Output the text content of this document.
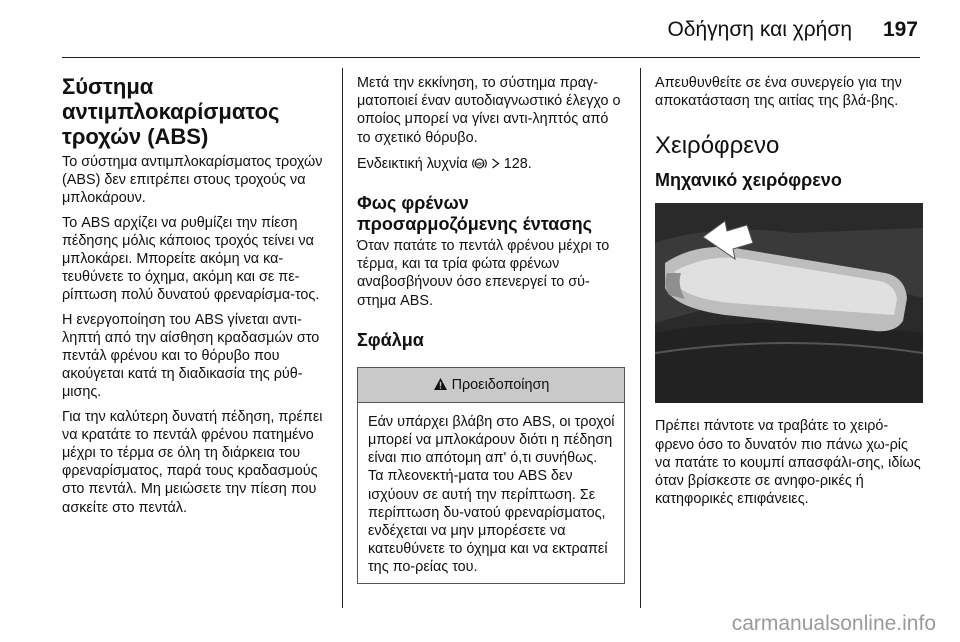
Οδήγηση και χρήση 197
Σύστημα αντιμπλοκαρίσματος τροχών (ABS)

Το σύστημα αντιμπλοκαρίσματος τροχών (ABS) δεν επιτρέπει στους τροχούς να μπλοκάρουν.

Το ABS αρχίζει να ρυθμίζει την πίεση πέδησης μόλις κάποιος τροχός τείνει να μπλοκάρει. Μπορείτε ακόμη να κα-τευθύνετε το όχημα, ακόμη και σε πε-ρίπτωση πολύ δυνατού φρεναρίσμα-τος.

Η ενεργοποίηση του ABS γίνεται αντι-ληπτή από την αίσθηση κραδασμών στο πεντάλ φρένου και το θόρυβο που ακούγεται κατά τη διαδικασία της ρύθ-μισης.

Για την καλύτερη δυνατή πέδηση, πρέπει να κρατάτε το πεντάλ φρένου πατημένο μέχρι το τέρμα σε όλη τη διάρκεια του φρεναρίσματος, παρά τους κραδασμούς στο πεντάλ. Μη μειώσετε την πίεση που ασκείτε στο πεντάλ.

Μετά την εκκίνηση, το σύστημα πραγ-ματοποιεί έναν αυτοδιαγνωστικό έλεγχο ο οποίος μπορεί να γίνει αντι-ληπτός από το σχετικό θόρυβο.

Ενδεικτική λυχνία ABS 128.

Φως φρένων προσαρμοζόμενης έντασης

Όταν πατάτε το πεντάλ φρένου μέχρι το τέρμα, και τα τρία φώτα φρένων αναβοσβήνουν όσο επενεργεί το σύ-στημα ABS.

Σφάλμα
Προειδοποίηση

Εάν υπάρχει βλάβη στο ABS, οι τροχοί μπορεί να μπλοκάρουν διότι η πέδηση είναι πιο απότομη απ' ό,τι συνήθως. Τα πλεονεκτή-ματα του ABS δεν ισχύουν σε αυτή την περίπτωση. Σε περίπτωση δυ-νατού φρεναρίσματος, ενδέχεται να μην μπορέσετε να κατευθύνετε το όχημα και να εκτραπεί της πο-ρείας του.

Απευθυνθείτε σε ένα συνεργείο για την αποκατάσταση της αιτίας της βλά-βης.

Χειρόφρενο
Μηχανικό χειρόφρενο

Πρέπει πάντοτε να τραβάτε το χειρό-φρενο όσο το δυνατόν πιο πάνω χω-ρίς να πατάτε το κουμπί απασφάλι-σης, ιδίως όταν βρίσκεστε σε ανηφο-ρικές ή κατηφορικές επιφάνειες.

carmanualsonline.info
